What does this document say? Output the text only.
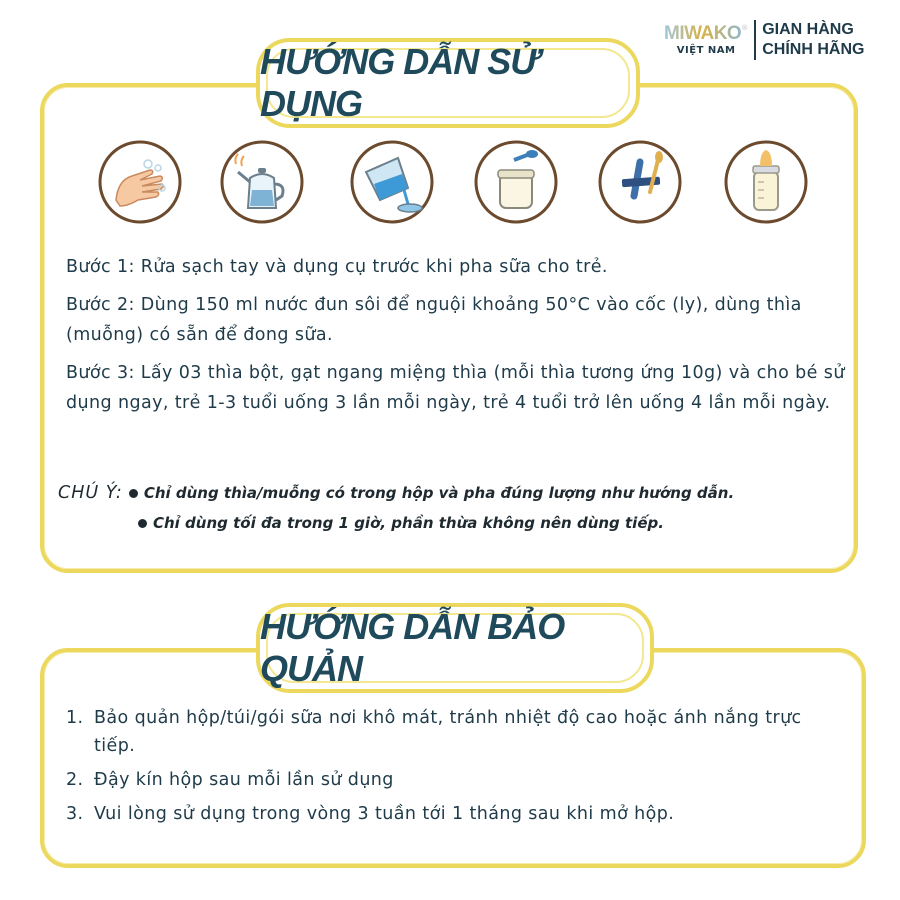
MIWAKO®
VIỆT NAM
GIAN HÀNG
CHÍNH HÃNG
HƯỚNG DẪN SỬ DỤNG

Bước 1: Rửa sạch tay và dụng cụ trước khi pha sữa cho trẻ.

Bước 2: Dùng 150 ml nước đun sôi để nguội khoảng 50°C vào cốc (ly), dùng thìa (muỗng) có sẵn để đong sữa.

Bước 3: Lấy 03 thìa bột, gạt ngang miệng thìa (mỗi thìa tương ứng 10g) và cho bé sử dụng ngay, trẻ 1-3 tuổi uống 3 lần mỗi ngày, trẻ 4 tuổi trở lên uống 4 lần mỗi ngày.

CHÚ Ý: Chỉ dùng thìa/muỗng có trong hộp và pha đúng lượng như hướng dẫn.
Chỉ dùng tối đa trong 1 giờ, phần thừa không nên dùng tiếp.
HƯỚNG DẪN BẢO QUẢN
1. Bảo quản hộp/túi/gói sữa nơi khô mát, tránh nhiệt độ cao hoặc ánh nắng trực tiếp.
2. Đậy kín hộp sau mỗi lần sử dụng
3. Vui lòng sử dụng trong vòng 3 tuần tới 1 tháng sau khi mở hộp.
